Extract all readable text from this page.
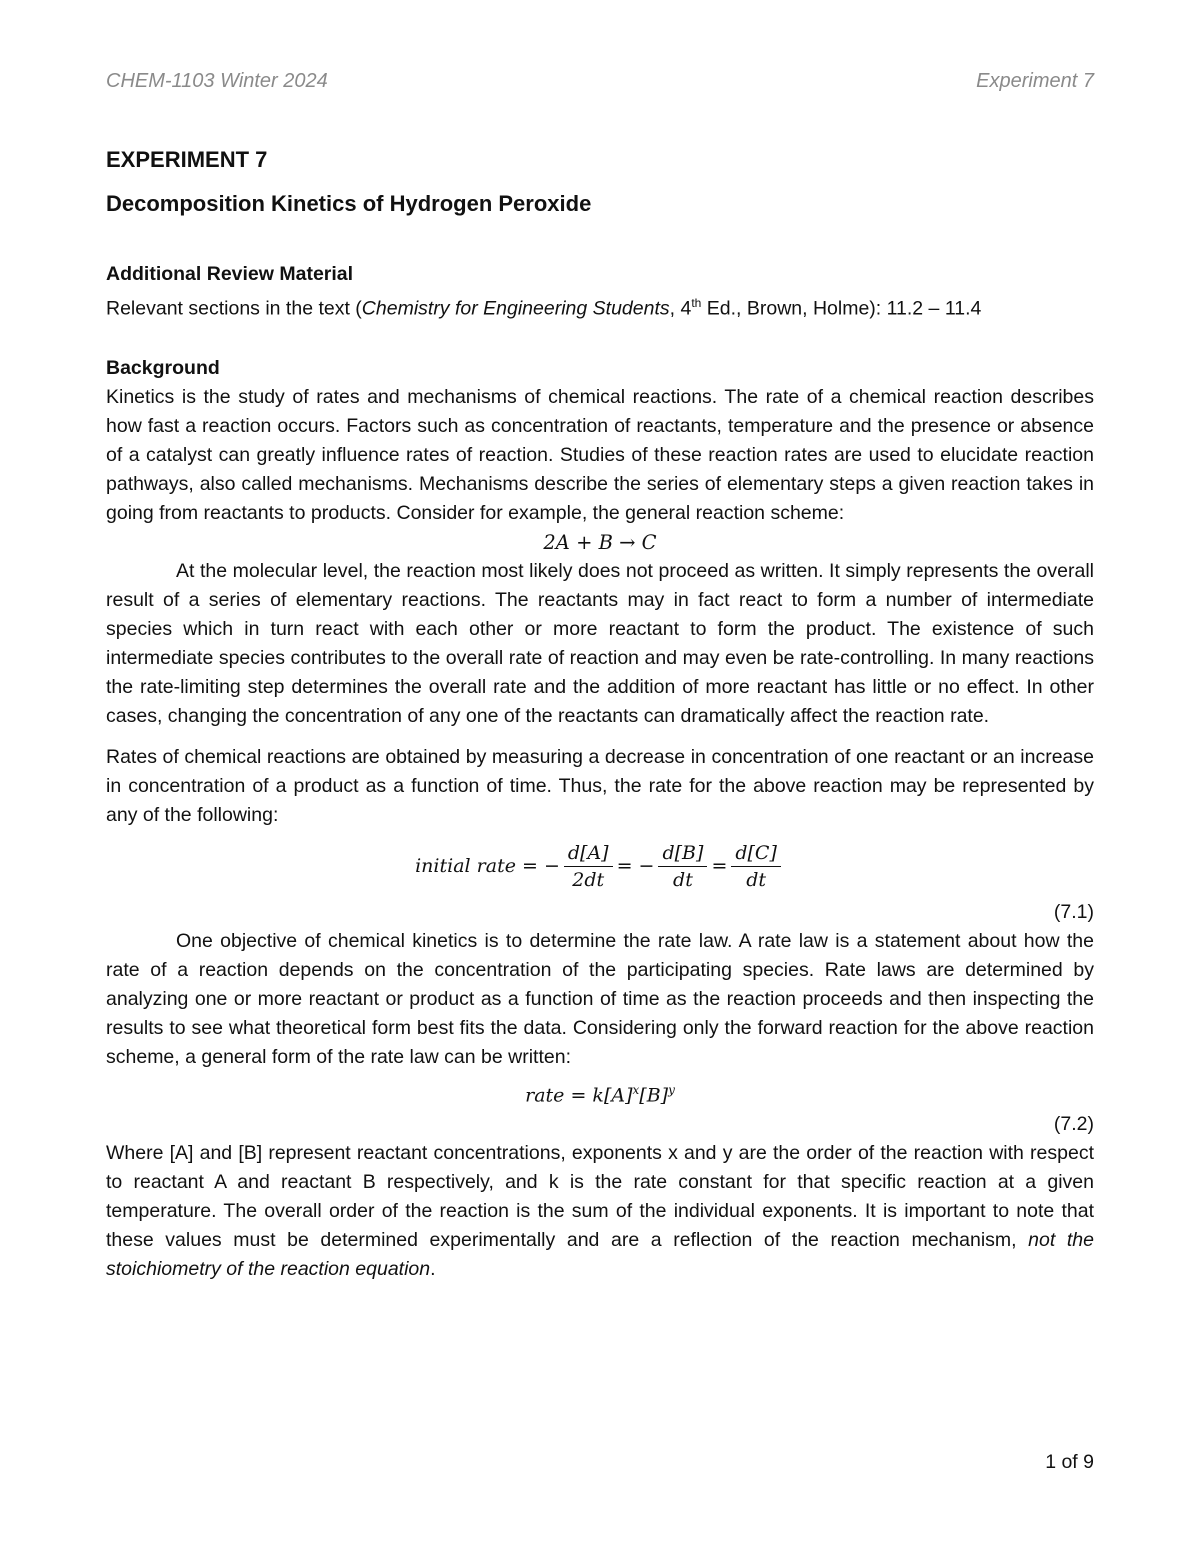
CHEM-1103 Winter 2024	Experiment 7

EXPERIMENT 7

Decomposition Kinetics of Hydrogen Peroxide

Additional Review Material

Relevant sections in the text (Chemistry for Engineering Students, 4th Ed., Brown, Holme): 11.2 – 11.4

Background

Kinetics is the study of rates and mechanisms of chemical reactions. The rate of a chemical reaction describes how fast a reaction occurs. Factors such as concentration of reactants, temperature and the presence or absence of a catalyst can greatly influence rates of reaction. Studies of these reaction rates are used to elucidate reaction pathways, also called mechanisms. Mechanisms describe the series of elementary steps a given reaction takes in going from reactants to products. Consider for example, the general reaction scheme:

2A + B → C

At the molecular level, the reaction most likely does not proceed as written. It simply represents the overall result of a series of elementary reactions. The reactants may in fact react to form a number of intermediate species which in turn react with each other or more reactant to form the product. The existence of such intermediate species contributes to the overall rate of reaction and may even be rate-controlling. In many reactions the rate-limiting step determines the overall rate and the addition of more reactant has little or no effect. In other cases, changing the concentration of any one of the reactants can dramatically affect the reaction rate.

Rates of chemical reactions are obtained by measuring a decrease in concentration of one reactant or an increase in concentration of a product as a function of time. Thus, the rate for the above reaction may be represented by any of the following:

initial rate = − $\frac{d[A]}{2dt}$ = − $\frac{d[B]}{dt} = \frac{d[C]}{dt}$

(7.1)

One objective of chemical kinetics is to determine the rate law. A rate law is a statement about how the rate of a reaction depends on the concentration of the participating species. Rate laws are determined by analyzing one or more reactant or product as a function of time as the reaction proceeds and then inspecting the results to see what theoretical form best fits the data. Considering only the forward reaction for the above reaction scheme, a general form of the rate law can be written:

rate = $k[A]^x[B]^y$

(7.2)

Where [A] and [B] represent reactant concentrations, exponents x and y are the order of the reaction with respect to reactant A and reactant B respectively, and k is the rate constant for that specific reaction at a given temperature. The overall order of the reaction is the sum of the individual exponents. It is important to note that these values must be determined experimentally and are a reflection of the reaction mechanism, not the stoichiometry of the reaction equation.

1 of 9
